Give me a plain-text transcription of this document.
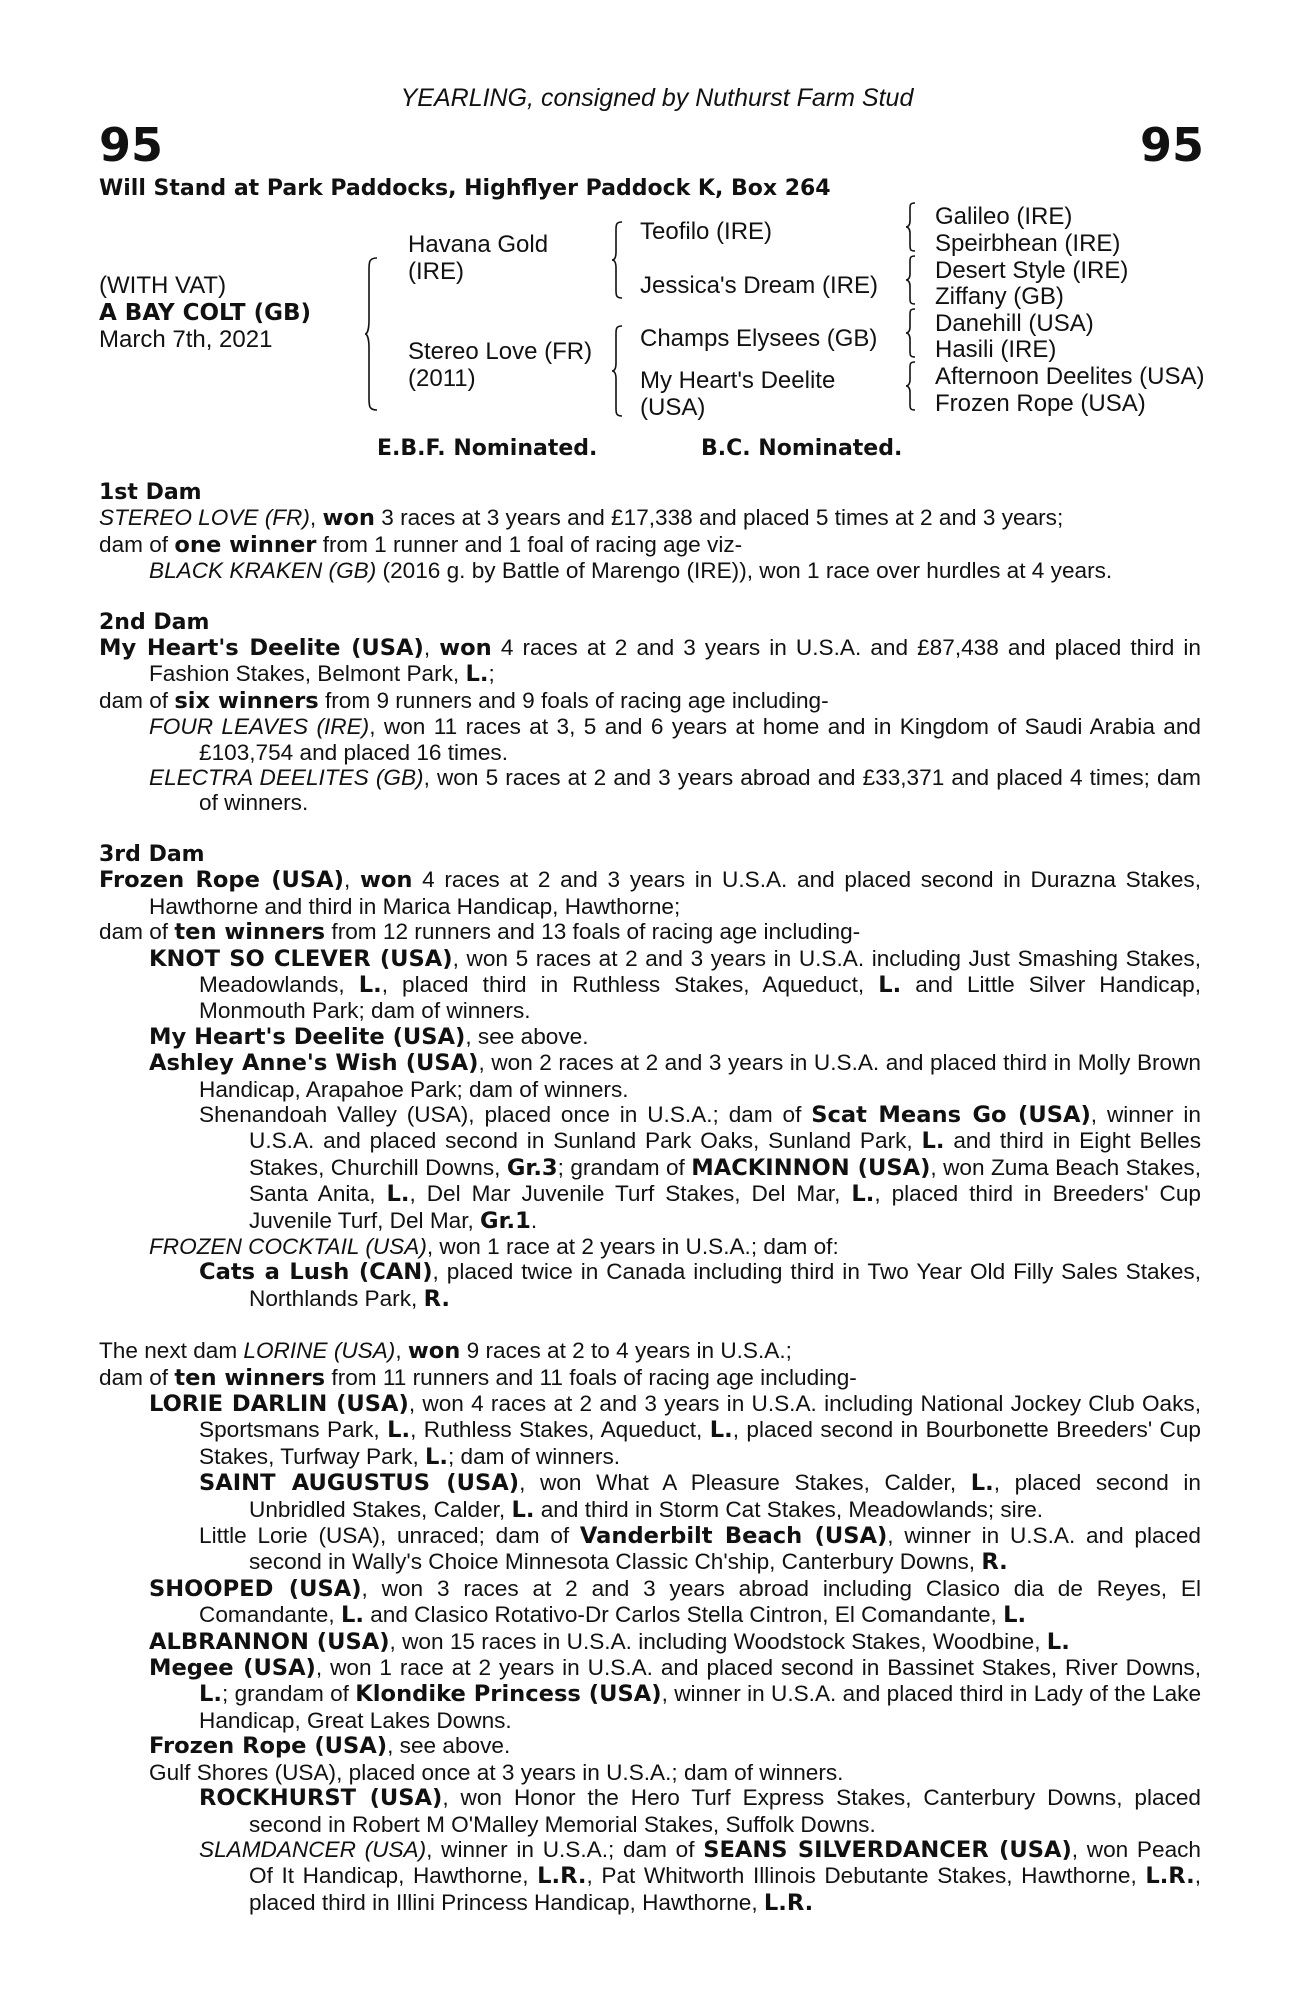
95	95
YEARLING, consigned by Nuthurst Farm Stud
Will Stand at Park Paddocks, Highflyer Paddock K, Box 264
(WITH VAT)
A BAY COLT (GB)
March 7th, 2021
Havana Gold (IRE)
Stereo Love (FR) (2011)
Teofilo (IRE)
Jessica's Dream (IRE)
Champs Elysees (GB)
My Heart's Deelite (USA)
Galileo (IRE)
Speirbhean (IRE)
Desert Style (IRE)
Ziffany (GB)
Danehill (USA)
Hasili (IRE)
Afternoon Deelites (USA)
Frozen Rope (USA)
E.B.F. Nominated.	B.C. Nominated.
1st Dam

STEREO LOVE (FR), won 3 races at 3 years and £17,338 and placed 5 times at 2 and 3 years;

dam of one winner from 1 runner and 1 foal of racing age viz-

BLACK KRAKEN (GB) (2016 g. by Battle of Marengo (IRE)), won 1 race over hurdles at 4 years.

2nd Dam

My Heart's Deelite (USA), won 4 races at 2 and 3 years in U.S.A. and £87,438 and placed third in Fashion Stakes, Belmont Park, L.;

dam of six winners from 9 runners and 9 foals of racing age including-

FOUR LEAVES (IRE), won 11 races at 3, 5 and 6 years at home and in Kingdom of Saudi Arabia and £103,754 and placed 16 times.

ELECTRA DEELITES (GB), won 5 races at 2 and 3 years abroad and £33,371 and placed 4 times; dam of winners.

3rd Dam

Frozen Rope (USA), won 4 races at 2 and 3 years in U.S.A. and placed second in Durazna Stakes, Hawthorne and third in Marica Handicap, Hawthorne;

dam of ten winners from 12 runners and 13 foals of racing age including-

KNOT SO CLEVER (USA), won 5 races at 2 and 3 years in U.S.A. including Just Smashing Stakes, Meadowlands, L., placed third in Ruthless Stakes, Aqueduct, L. and Little Silver Handicap, Monmouth Park; dam of winners.

My Heart's Deelite (USA), see above.

Ashley Anne's Wish (USA), won 2 races at 2 and 3 years in U.S.A. and placed third in Molly Brown Handicap, Arapahoe Park; dam of winners.

Shenandoah Valley (USA), placed once in U.S.A.; dam of Scat Means Go (USA), winner in U.S.A. and placed second in Sunland Park Oaks, Sunland Park, L. and third in Eight Belles Stakes, Churchill Downs, Gr.3; grandam of MACKINNON (USA), won Zuma Beach Stakes, Santa Anita, L., Del Mar Juvenile Turf Stakes, Del Mar, L., placed third in Breeders' Cup Juvenile Turf, Del Mar, Gr.1.

FROZEN COCKTAIL (USA), won 1 race at 2 years in U.S.A.; dam of:

Cats a Lush (CAN), placed twice in Canada including third in Two Year Old Filly Sales Stakes, Northlands Park, R.

The next dam LORINE (USA), won 9 races at 2 to 4 years in U.S.A.;

dam of ten winners from 11 runners and 11 foals of racing age including-

LORIE DARLIN (USA), won 4 races at 2 and 3 years in U.S.A. including National Jockey Club Oaks, Sportsmans Park, L., Ruthless Stakes, Aqueduct, L., placed second in Bourbonette Breeders' Cup Stakes, Turfway Park, L.; dam of winners.

SAINT AUGUSTUS (USA), won What A Pleasure Stakes, Calder, L., placed second in Unbridled Stakes, Calder, L. and third in Storm Cat Stakes, Meadowlands; sire.

Little Lorie (USA), unraced; dam of Vanderbilt Beach (USA), winner in U.S.A. and placed second in Wally's Choice Minnesota Classic Ch'ship, Canterbury Downs, R.

SHOOPED (USA), won 3 races at 2 and 3 years abroad including Clasico dia de Reyes, El Comandante, L. and Clasico Rotativo-Dr Carlos Stella Cintron, El Comandante, L.

ALBRANNON (USA), won 15 races in U.S.A. including Woodstock Stakes, Woodbine, L.

Megee (USA), won 1 race at 2 years in U.S.A. and placed second in Bassinet Stakes, River Downs, L.; grandam of Klondike Princess (USA), winner in U.S.A. and placed third in Lady of the Lake Handicap, Great Lakes Downs.

Frozen Rope (USA), see above.

Gulf Shores (USA), placed once at 3 years in U.S.A.; dam of winners.

ROCKHURST (USA), won Honor the Hero Turf Express Stakes, Canterbury Downs, placed second in Robert M O'Malley Memorial Stakes, Suffolk Downs.

SLAMDANCER (USA), winner in U.S.A.; dam of SEANS SILVERDANCER (USA), won Peach Of It Handicap, Hawthorne, L.R., Pat Whitworth Illinois Debutante Stakes, Hawthorne, L.R., placed third in Illini Princess Handicap, Hawthorne, L.R.
